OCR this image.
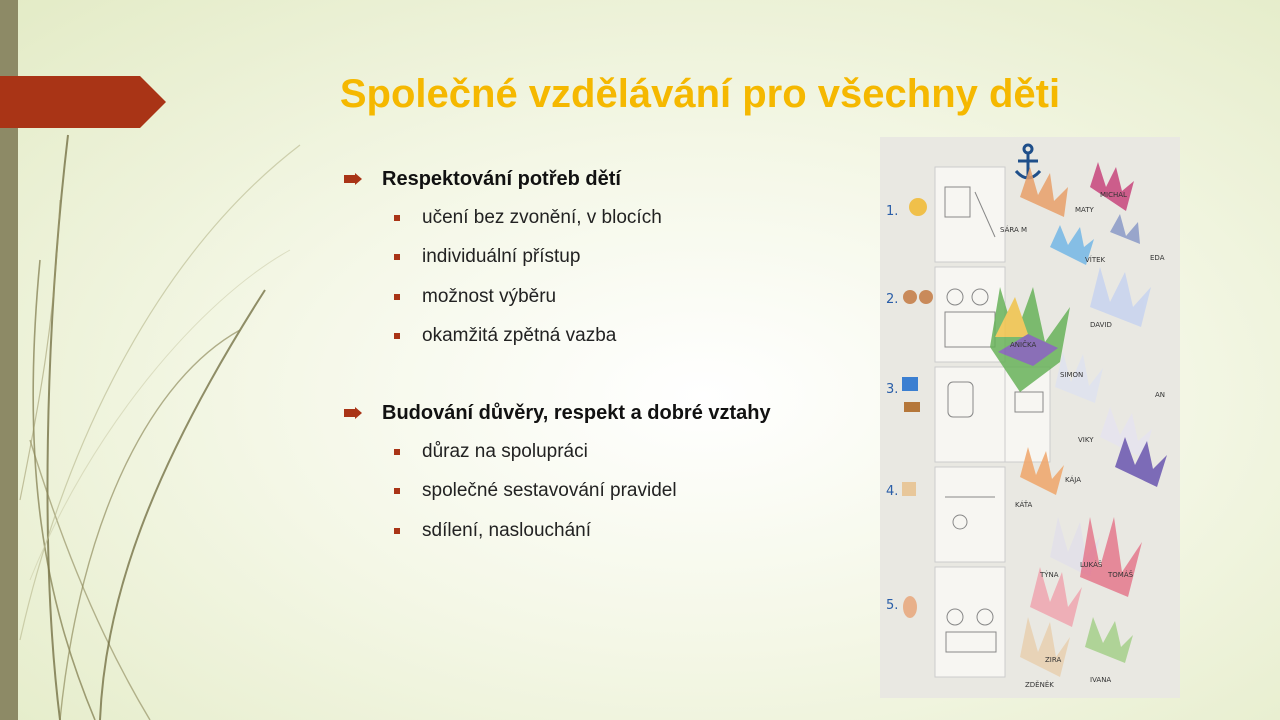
Společné vzdělávání pro všechny děti
Respektování potřeb dětí
učení bez zvonění, v blocích
individuální přístup
možnost výběru
okamžitá zpětná vazba
Budování důvěry, respekt a dobré vztahy
důraz na spolupráci
společné sestavování pravidel
sdílení, naslouchání
1.
2.
3.
4.
5.
SÁRA M
MATY
MICHAL
VÍTEK	EDA
DAVID
ANIČKA
SIMON
AN
VIKY
KÁJA
KÁŤA
TÝNA
LUKÁŠ
TOMÁŠ
ZIRA
IVANA
ZDĚNĚK
